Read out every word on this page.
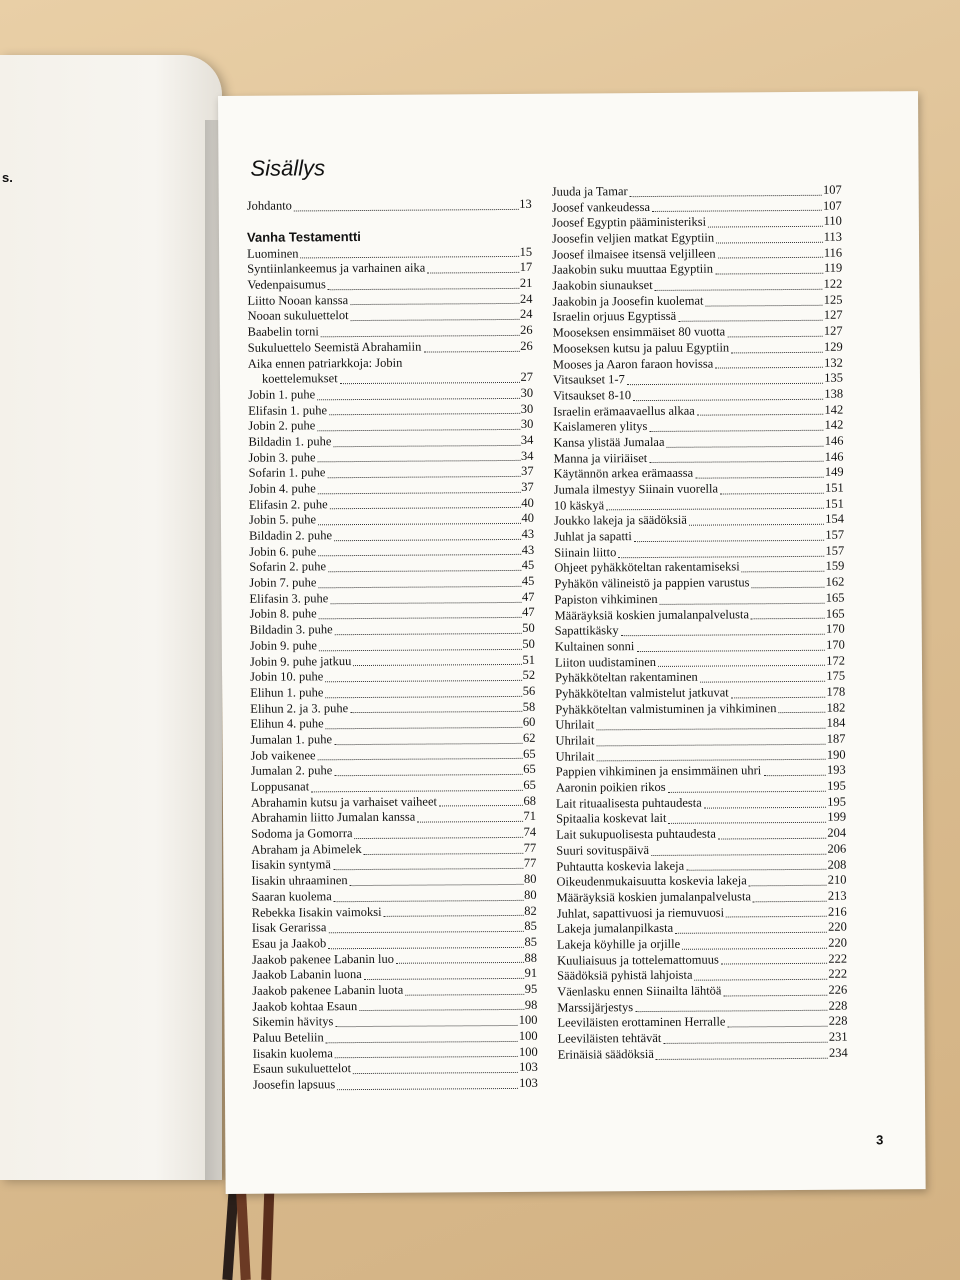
s.	Sisällys
Johdanto	13
Vanha Testamentti
Luominen	15
Syntiinlankeemus ja varhainen aika	17
Vedenpaisumus	21
Liitto Nooan kanssa	24
Nooan sukuluettelot	24
Baabelin torni	26
Sukuluettelo Seemistä Abrahamiin	26
Aika ennen patriarkkoja: Jobin
koettelemukset	27
Jobin 1. puhe	30
Elifasin 1. puhe	30
Jobin 2. puhe	30
Bildadin 1. puhe	34
Jobin 3. puhe	34
Sofarin 1. puhe	37
Jobin 4. puhe	37
Elifasin 2. puhe	40
Jobin 5. puhe	40
Bildadin 2. puhe	43
Jobin 6. puhe	43
Sofarin 2. puhe	45
Jobin 7. puhe	45
Elifasin 3. puhe	47
Jobin 8. puhe	47
Bildadin 3. puhe	50
Jobin 9. puhe	50
Jobin 9. puhe jatkuu	51
Jobin 10. puhe	52
Elihun 1. puhe	56
Elihun 2. ja 3. puhe	58
Elihun 4. puhe	60
Jumalan 1. puhe	62
Job vaikenee	65
Jumalan 2. puhe	65
Loppusanat	65
Abrahamin kutsu ja varhaiset vaiheet	68
Abrahamin liitto Jumalan kanssa	71
Sodoma ja Gomorra	74
Abraham ja Abimelek	77
Iisakin syntymä	77
Iisakin uhraaminen	80
Saaran kuolema	80
Rebekka Iisakin vaimoksi	82
Iisak Gerarissa	85
Esau ja Jaakob	85
Jaakob pakenee Labanin luo	88
Jaakob Labanin luona	91
Jaakob pakenee Labanin luota	95
Jaakob kohtaa Esaun	98
Sikemin hävitys	100
Paluu Beteliin	100
Iisakin kuolema	100
Esaun sukuluettelot	103
Joosefin lapsuus	103
Juuda ja Tamar	107
Joosef vankeudessa	107
Joosef Egyptin pääministeriksi	110
Joosefin veljien matkat Egyptiin	113
Joosef ilmaisee itsensä veljilleen	116
Jaakobin suku muuttaa Egyptiin	119
Jaakobin siunaukset	122
Jaakobin ja Joosefin kuolemat	125
Israelin orjuus Egyptissä	127
Mooseksen ensimmäiset 80 vuotta	127
Mooseksen kutsu ja paluu Egyptiin	129
Mooses ja Aaron faraon hovissa	132
Vitsaukset 1-7	135
Vitsaukset 8-10	138
Israelin erämaavaellus alkaa	142
Kaislameren ylitys	142
Kansa ylistää Jumalaa	146
Manna ja viiriäiset	146
Käytännön arkea erämaassa	149
Jumala ilmestyy Siinain vuorella	151
10 käskyä	151
Joukko lakeja ja säädöksiä	154
Juhlat ja sapatti	157
Siinain liitto	157
Ohjeet pyhäkköteltan rakentamiseksi	159
Pyhäkön välineistö ja pappien varustus	162
Papiston vihkiminen	165
Määräyksiä koskien jumalanpalvelusta	165
Sapattikäsky	170
Kultainen sonni	170
Liiton uudistaminen	172
Pyhäkköteltan rakentaminen	175
Pyhäkköteltan valmistelut jatkuvat	178
Pyhäkköteltan valmistuminen ja vihkiminen	182
Uhrilait	184
Uhrilait	187
Uhrilait	190
Pappien vihkiminen ja ensimmäinen uhri	193
Aaronin poikien rikos	195
Lait rituaalisesta puhtaudesta	195
Spitaalia koskevat lait	199
Lait sukupuolisesta puhtaudesta	204
Suuri sovituspäivä	206
Puhtautta koskevia lakeja	208
Oikeudenmukaisuutta koskevia lakeja	210
Määräyksiä koskien jumalanpalvelusta	213
Juhlat, sapattivuosi ja riemuvuosi	216
Lakeja jumalanpilkasta	220
Lakeja köyhille ja orjille	220
Kuuliaisuus ja tottelemattomuus	222
Säädöksiä pyhistä lahjoista	222
Väenlasku ennen Siinailta lähtöä	226
Marssijärjestys	228
Leeviläisten erottaminen Herralle	228
Leeviläisten tehtävät	231
Erinäisiä säädöksiä	234
3
